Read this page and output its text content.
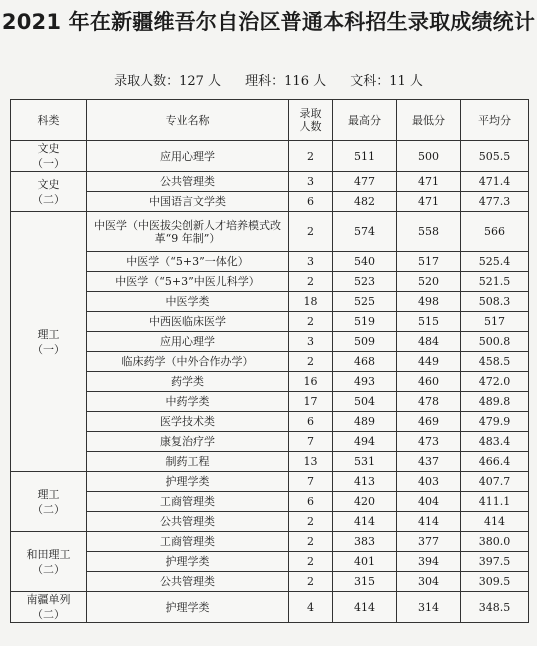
2021 年在新疆维吾尔自治区普通本科招生录取成绩统计
录取人数：127 人 理科：116 人 文科：11 人
科类	专业名称	录取
人数	最高分	最低分	平均分
文史
（一）	应用心理学	2	511	500	505.5
文史
（二）	公共管理类	3	477	471	471.4
	中国语言文学类	6	482	471	477.3
理工
（一）	中医学（中医拔尖创新人才培养模式改革“9 年制”）	2	574	558	566
	中医学（“5+3”一体化）	3	540	517	525.4
	中医学（“5+3”中医儿科学）	2	523	520	521.5
	中医学类	18	525	498	508.3
	中西医临床医学	2	519	515	517
	应用心理学	3	509	484	500.8
	临床药学（中外合作办学）	2	468	449	458.5
	药学类	16	493	460	472.0
	中药学类	17	504	478	489.8
	医学技术类	6	489	469	479.9
	康复治疗学	7	494	473	483.4
	制药工程	13	531	437	466.4
理工
（二）	护理学类	7	413	403	407.7
	工商管理类	6	420	404	411.1
	公共管理类	2	414	414	414
和田理工
（二）	工商管理类	2	383	377	380.0
	护理学类	2	401	394	397.5
	公共管理类	2	315	304	309.5
南疆单列
（二）	护理学类	4	414	314	348.5
